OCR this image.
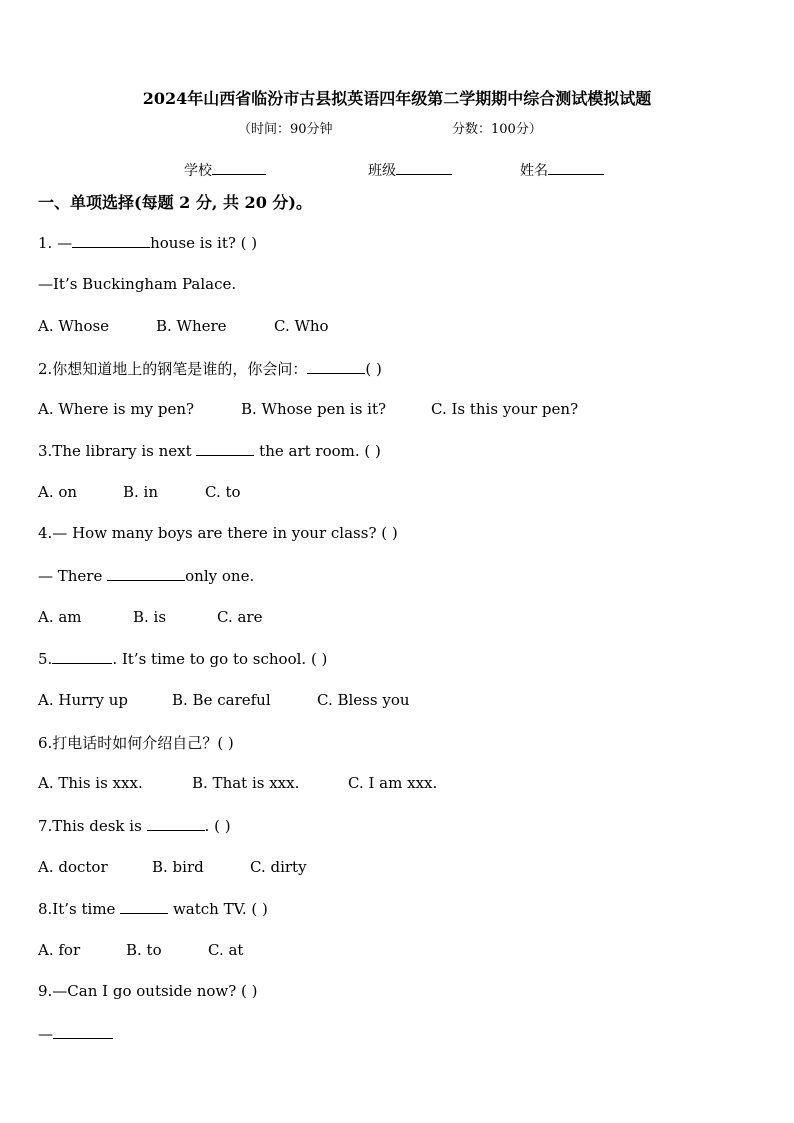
2024年山西省临汾市古县拟英语四年级第二学期期中综合测试模拟试题
（时间：90分钟	分数：100分）
学校	班级	姓名
一、单项选择(每题 2 分, 共 20 分)。
1. —	house is it? ( )
—It’s Buckingham Palace.
A. Whose	B. Where	C. Who
2.你想知道地上的钢笔是谁的，你会问：	( )
A. Where is my pen?	B. Whose pen is it?	C. Is this your pen?
3.The library is next	the art room. ( )
A. on	B. in	C. to
4.— How many boys are there in your class? ( )
— There	only one.
A. am	B. is	C. are
5.	. It’s time to go to school. ( )
A. Hurry up	B. Be careful	C. Bless you
6.打电话时如何介绍自己？( )
A. This is xxx.	B. That is xxx.	C. I am xxx.
7.This desk is	. ( )
A. doctor	B. bird	C. dirty
8.It’s time	watch TV. ( )
A. for	B. to	C. at
9.—Can I go outside now? ( )
—
